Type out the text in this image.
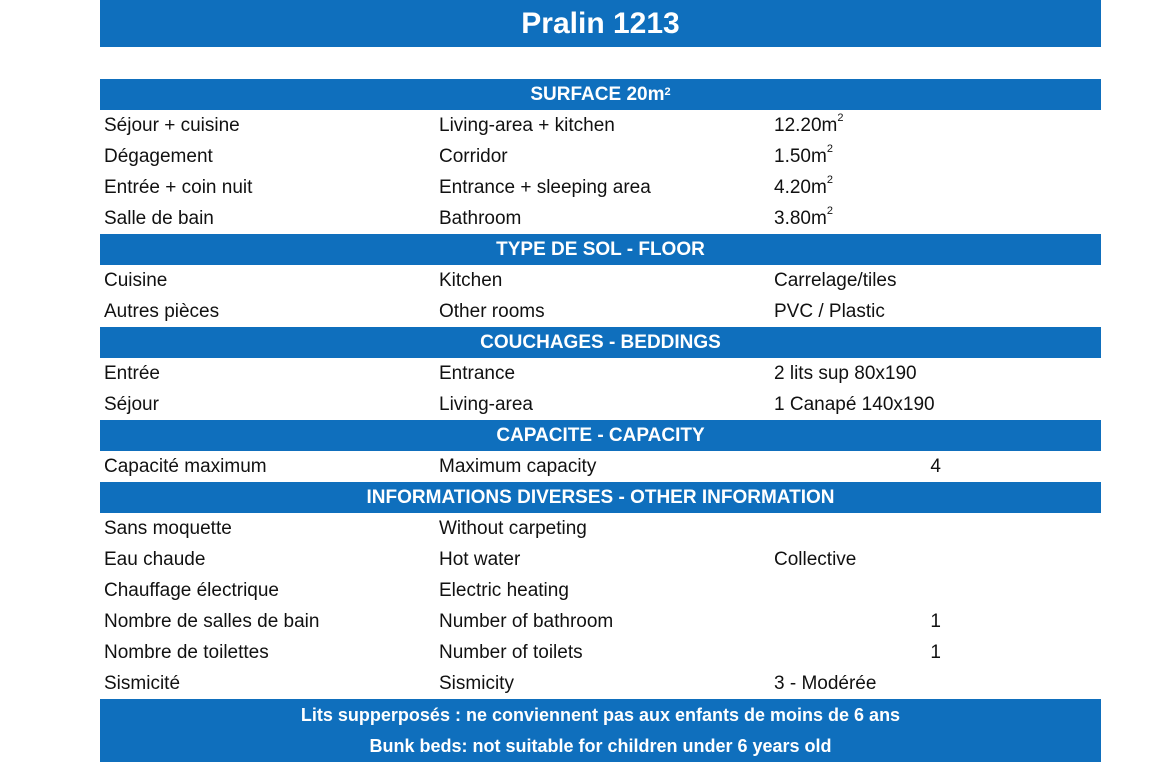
Pralin 1213
SURFACE $20m^2$
Séjour + cuisine	Living-area + kitchen	$12.20m^2$
Dégagement	Corridor	$1.50m^2$
Entrée + coin nuit	Entrance + sleeping area	$4.20m^2$
Salle de bain	Bathroom	$3.80m^2$
TYPE DE SOL - FLOOR
Cuisine	Kitchen	Carrelage/tiles
Autres pièces	Other rooms	PVC / Plastic
COUCHAGES - BEDDINGS
Entrée	Entrance	2 lits sup 80x190
Séjour	Living-area	1 Canapé 140x190
CAPACITE - CAPACITY
Capacité maximum	Maximum capacity	4
INFORMATIONS DIVERSES - OTHER INFORMATION
Sans moquette	Without carpeting
Eau chaude	Hot water	Collective
Chauffage électrique	Electric heating
Nombre de salles de bain	Number of bathroom	1
Nombre de toilettes	Number of toilets	1
Sismicité	Sismicity	3 - Modérée
Lits supperposés : ne conviennent pas aux enfants de moins de 6 ans
Bunk beds: not suitable for children under 6 years old
